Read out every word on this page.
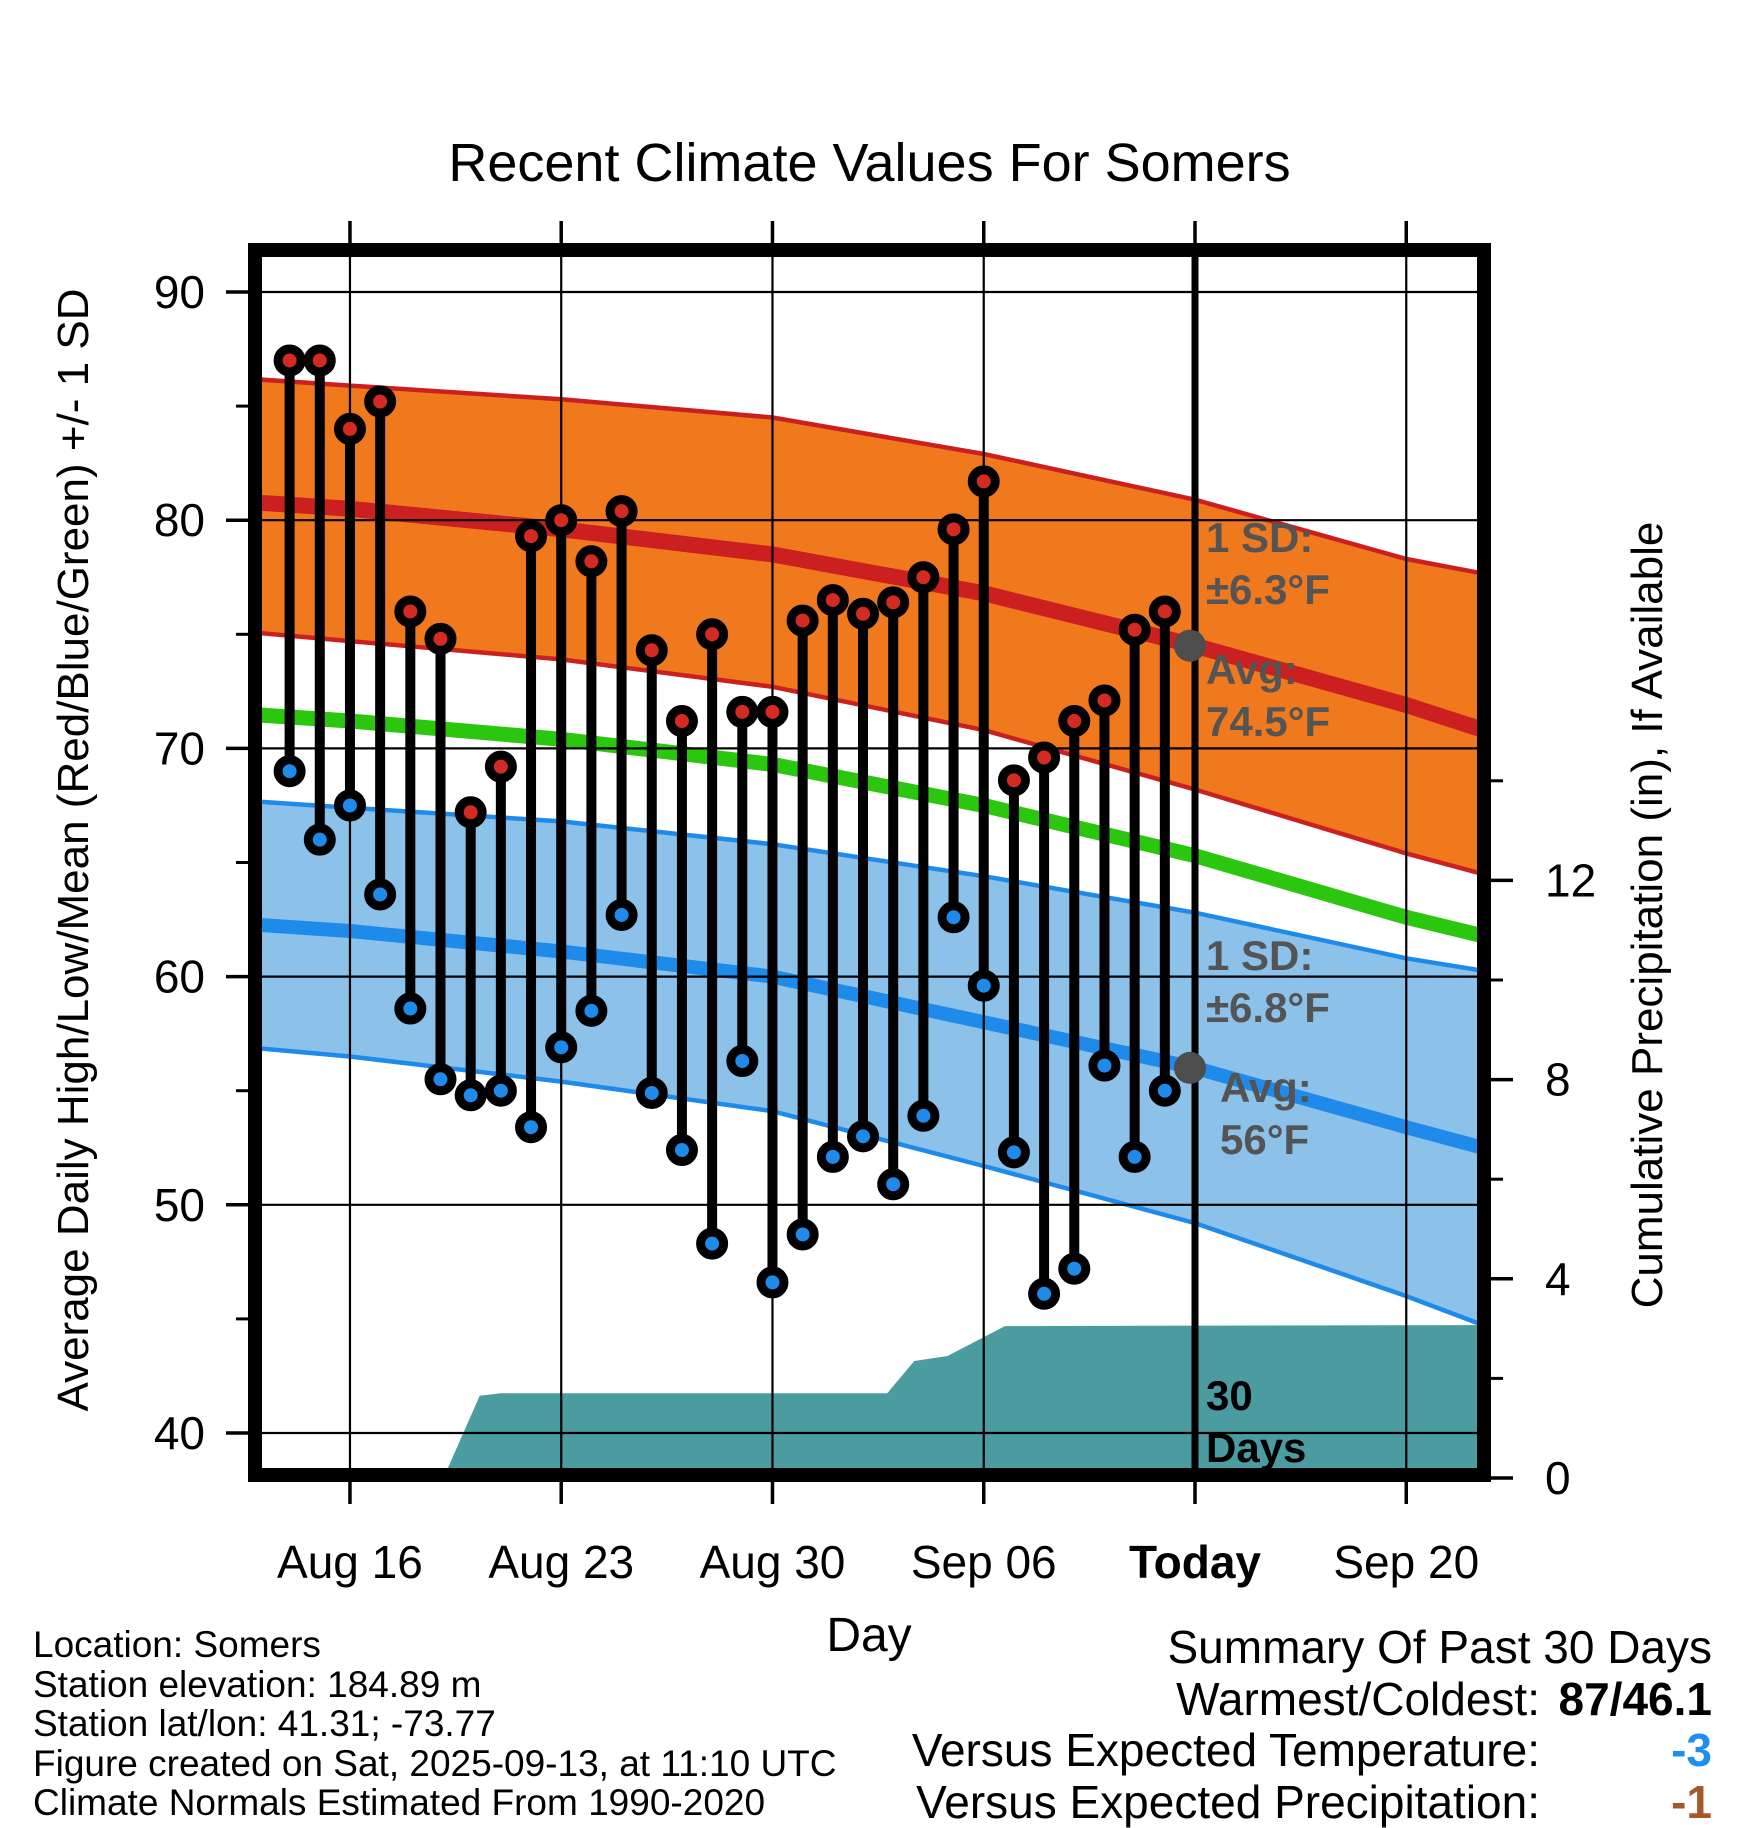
90
80
70
60
50
40
12
8
4
0
Aug 16 Aug 23 Aug 30 Sep 06 Today Sep 20
Day
Average Daily High/Low/Mean (Red/Blue/Green) +/- 1 SD	Cumulative Precipitation (in), If Available
1 SD:
±6.3°F
Avg:
74.5°F
1 SD:
±6.8°F
Avg:
56°F
30
Days
Recent Climate Values For Somers
Location: Somers
Station elevation: 184.89 m
Station lat/lon: 41.31; -73.77
Figure created on Sat, 2025-09-13, at 11:10 UTC
Climate Normals Estimated From 1990-2020
Summary Of Past 30 Days
Warmest/Coldest: 87/46.1
Versus Expected Temperature:	-3
Versus Expected Precipitation:	-1
